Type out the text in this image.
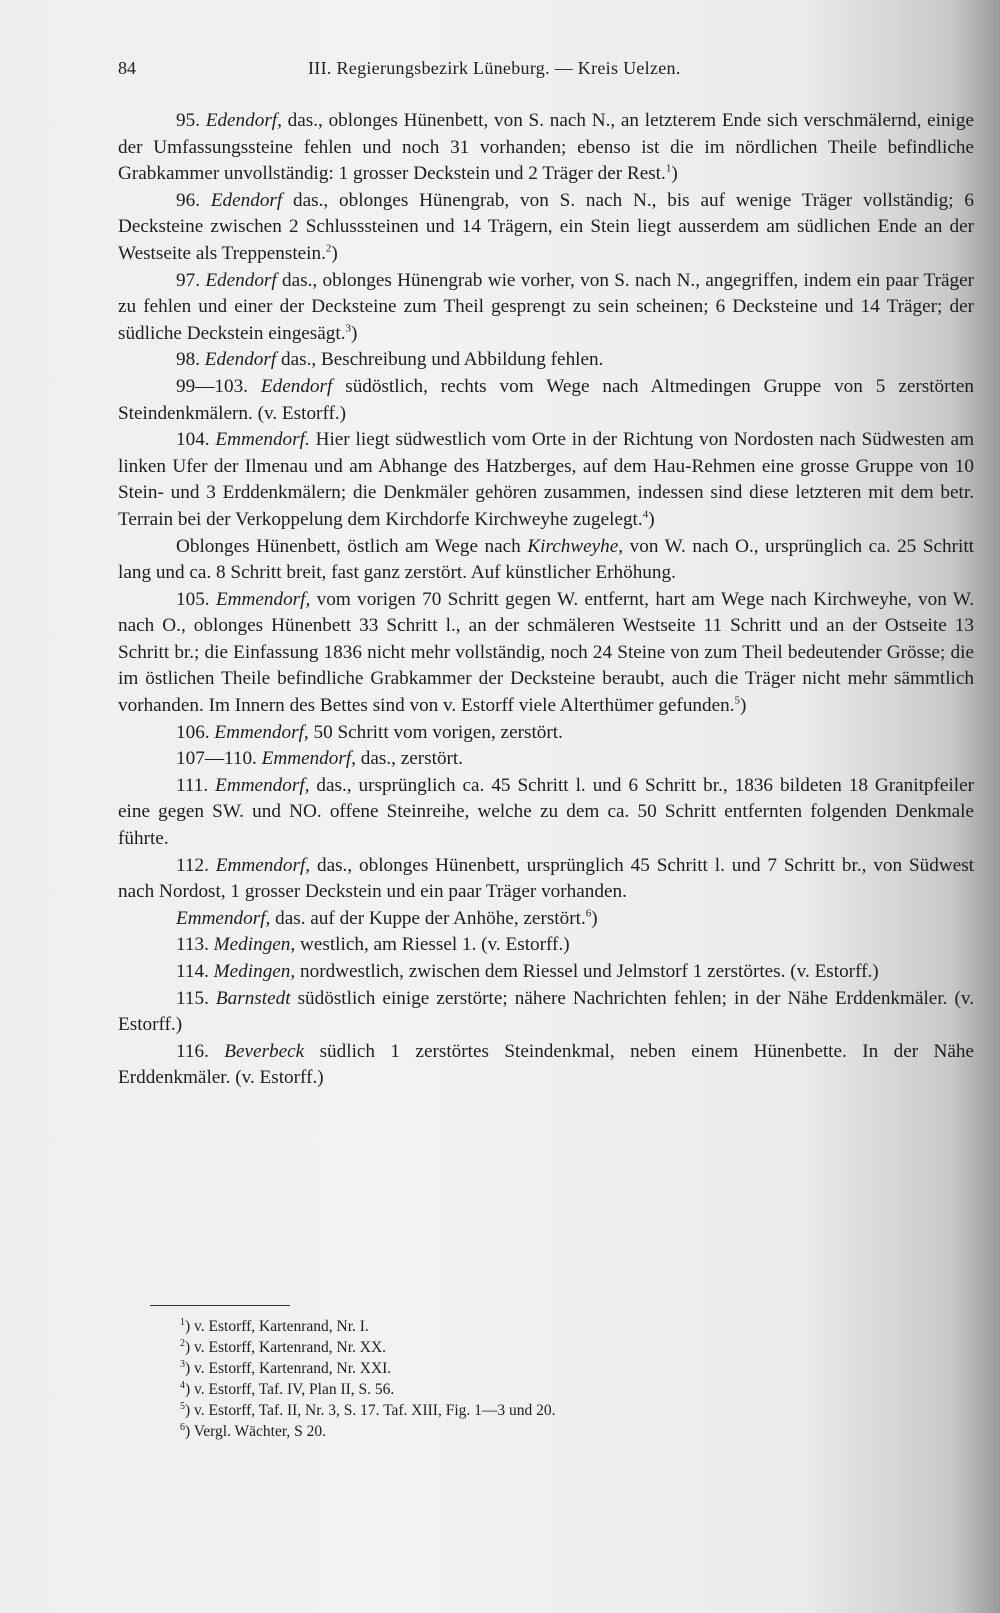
84	III. Regierungsbezirk Lüneburg. — Kreis Uelzen.

95. Edendorf, das., oblonges Hünenbett, von S. nach N., an letzterem Ende sich verschmälernd, einige der Umfassungssteine fehlen und noch 31 vorhanden; ebenso ist die im nördlichen Theile befindliche Grabkammer unvollständig: 1 grosser Deckstein und 2 Träger der Rest.$^1$)

96. Edendorf das., oblonges Hünengrab, von S. nach N., bis auf wenige Träger vollständig; 6 Decksteine zwischen 2 Schlusssteinen und 14 Trägern, ein Stein liegt ausserdem am südlichen Ende an der Westseite als Treppenstein.$^2$)

97. Edendorf das., oblonges Hünengrab wie vorher, von S. nach N., angegriffen, indem ein paar Träger zu fehlen und einer der Decksteine zum Theil gesprengt zu sein scheinen; 6 Decksteine und 14 Träger; der südliche Deckstein eingesägt.$^3$)

98. Edendorf das., Beschreibung und Abbildung fehlen.

99—103. Edendorf südöstlich, rechts vom Wege nach Altmedingen Gruppe von 5 zerstörten Steindenkmälern. (v. Estorff.)

104. Emmendorf. Hier liegt südwestlich vom Orte in der Richtung von Nordosten nach Südwesten am linken Ufer der Ilmenau und am Abhange des Hatzberges, auf dem Hau-Rehmen eine grosse Gruppe von 10 Stein- und 3 Erddenkmälern; die Denkmäler gehören zusammen, indessen sind diese letzteren mit dem betr. Terrain bei der Verkoppelung dem Kirchdorfe Kirchweyhe zugelegt.$^4$)

Oblonges Hünenbett, östlich am Wege nach Kirchweyhe, von W. nach O., ursprünglich ca. 25 Schritt lang und ca. 8 Schritt breit, fast ganz zerstört. Auf künstlicher Erhöhung.

105. Emmendorf, vom vorigen 70 Schritt gegen W. entfernt, hart am Wege nach Kirchweyhe, von W. nach O., oblonges Hünenbett 33 Schritt l., an der schmäleren Westseite 11 Schritt und an der Ostseite 13 Schritt br.; die Einfassung 1836 nicht mehr vollständig, noch 24 Steine von zum Theil bedeutender Grösse; die im östlichen Theile befindliche Grabkammer der Decksteine beraubt, auch die Träger nicht mehr sämmtlich vorhanden. Im Innern des Bettes sind von v. Estorff viele Alterthümer gefunden.$^5$)

106. Emmendorf, 50 Schritt vom vorigen, zerstört.

107—110. Emmendorf, das., zerstört.

111. Emmendorf, das., ursprünglich ca. 45 Schritt l. und 6 Schritt br., 1836 bildeten 18 Granitpfeiler eine gegen SW. und NO. offene Steinreihe, welche zu dem ca. 50 Schritt entfernten folgenden Denkmale führte.

112. Emmendorf, das., oblonges Hünenbett, ursprünglich 45 Schritt l. und 7 Schritt br., von Südwest nach Nordost, 1 grosser Deckstein und ein paar Träger vorhanden.

Emmendorf, das. auf der Kuppe der Anhöhe, zerstört.$^6$)

113. Medingen, westlich, am Riessel 1. (v. Estorff.)

114. Medingen, nordwestlich, zwischen dem Riessel und Jelmstorf 1 zerstörtes. (v. Estorff.)

115. Barnstedt südöstlich einige zerstörte; nähere Nachrichten fehlen; in der Nähe Erddenkmäler. (v. Estorff.)

116. Beverbeck südlich 1 zerstörtes Steindenkmal, neben einem Hünenbette. In der Nähe Erddenkmäler. (v. Estorff.)

$^1$) v. Estorff, Kartenrand, Nr. I.
$^2$) v. Estorff, Kartenrand, Nr. XX.
$^3$) v. Estorff, Kartenrand, Nr. XXI.
$^4$) v. Estorff, Taf. IV, Plan II, S. 56.
$^5$) v. Estorff, Taf. II, Nr. 3, S. 17. Taf. XIII, Fig. 1—3 und 20.
$^6$) Vergl. Wächter, S 20.
